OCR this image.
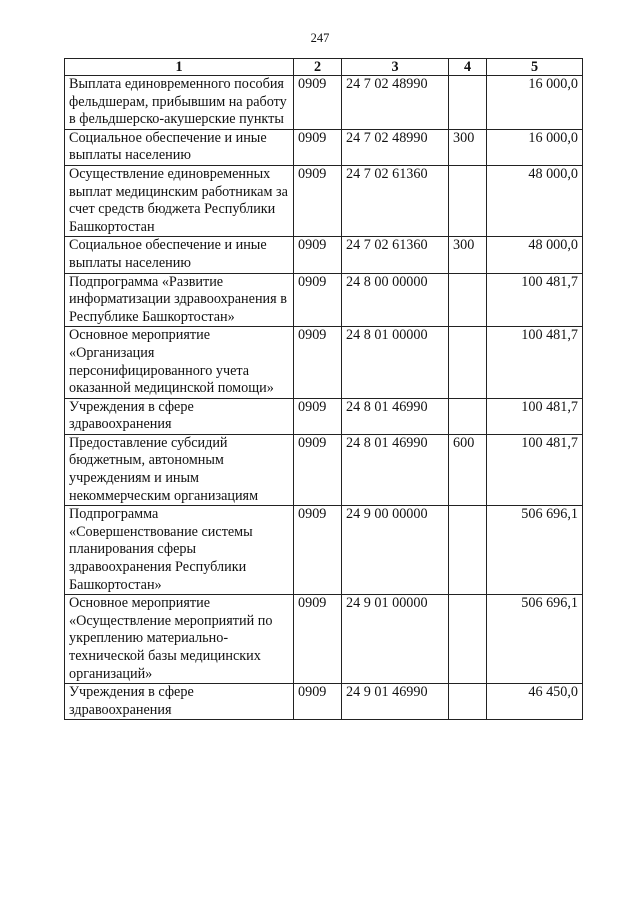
247
1	2	3	4	5
Выплата единовременного пособия фельдшерам, прибывшим на работу в фельдшерско-акушерские пункты	0909	24 7 02 48990		16 000,0
Социальное обеспечение и иные выплаты населению	0909	24 7 02 48990	300	16 000,0
Осуществление единовременных выплат медицинским работникам за счет средств бюджета Республики Башкортостан	0909	24 7 02 61360		48 000,0
Социальное обеспечение и иные выплаты населению	0909	24 7 02 61360	300	48 000,0
Подпрограмма «Развитие информатизации здравоохранения в Республике Башкортостан»	0909	24 8 00 00000		100 481,7
Основное мероприятие «Организация персонифицированного учета оказанной медицинской помощи»	0909	24 8 01 00000		100 481,7
Учреждения в сфере здравоохранения	0909	24 8 01 46990		100 481,7
Предоставление субсидий бюджетным, автономным учреждениям и иным некоммерческим организациям	0909	24 8 01 46990	600	100 481,7
Подпрограмма «Совершенствование системы планирования сферы здравоохранения Республики Башкортостан»	0909	24 9 00 00000		506 696,1
Основное мероприятие «Осуществление мероприятий по укреплению материально-технической базы медицинских организаций»	0909	24 9 01 00000		506 696,1
Учреждения в сфере здравоохранения	0909	24 9 01 46990		46 450,0
